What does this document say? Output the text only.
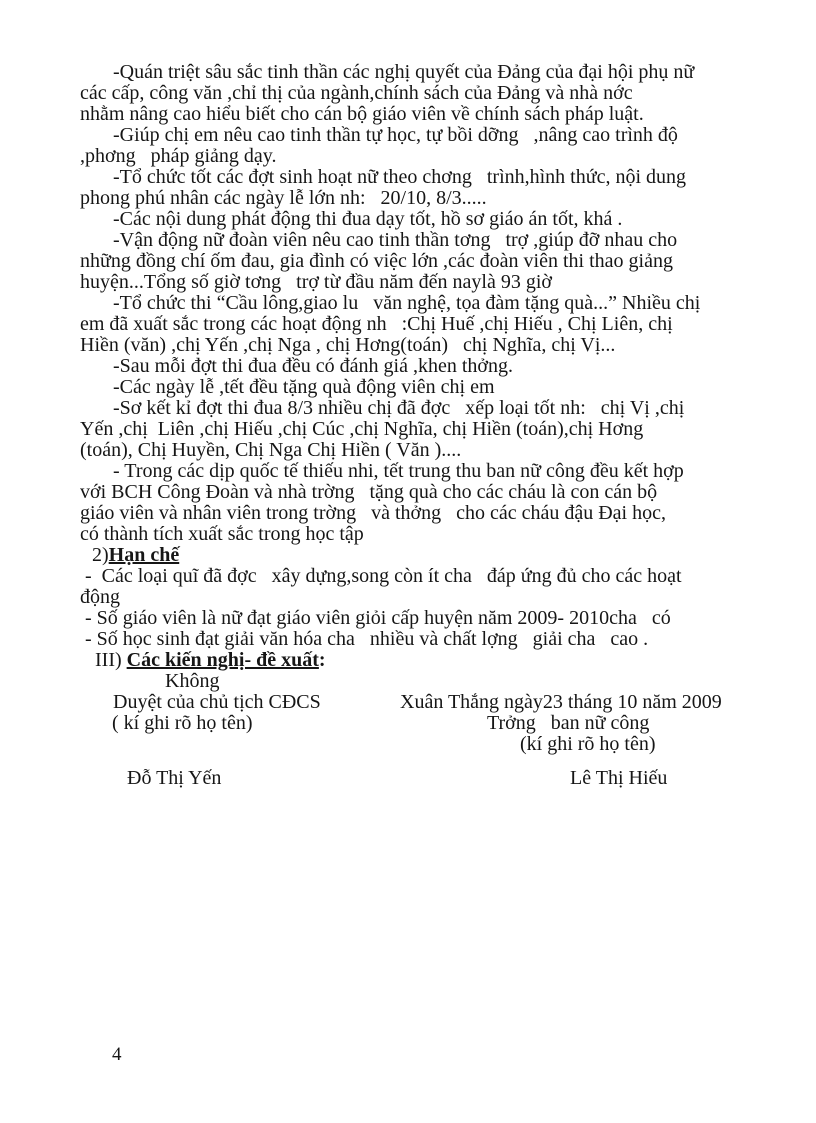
-Quán triệt sâu sắc tinh thần các nghị quyết của Đảng của đại hội phụ nữ
các cấp, công văn ,chỉ thị của ngành,chính sách của Đảng và nhà nớc
nhằm nâng cao hiểu biết cho cán bộ giáo viên về chính sách pháp luật.
-Giúp chị em nêu cao tinh thần tự học, tự bồi dỡng   ,nâng cao trình độ
,phơng   pháp giảng dạy.
-Tổ chức tốt các đợt sinh hoạt nữ theo chơng   trình,hình thức, nội dung
phong phú nhân các ngày lễ lớn nh:   20/10, 8/3.....
-Các nội dung phát động thi đua dạy tốt, hồ sơ giáo án tốt, khá .
-Vận động nữ đoàn viên nêu cao tinh thần tơng   trợ ,giúp đỡ nhau cho
những đồng chí ốm đau, gia đình có việc lớn ,các đoàn viên thi thao giảng
huyện...Tổng số giờ tơng   trợ từ đầu năm đến naylà 93 giờ
-Tổ chức thi “Cầu lông,giao lu   văn nghệ, tọa đàm tặng quà...” Nhiều chị
em đã xuất sắc trong các hoạt động nh   :Chị Huế ,chị Hiếu , Chị Liên, chị
Hiền (văn) ,chị Yến ,chị Nga , chị Hơng(toán)   chị Nghĩa, chị Vị...
-Sau mỗi đợt thi đua đều có đánh giá ,khen thởng.
-Các ngày lễ ,tết đều tặng quà động viên chị em
-Sơ kết kỉ đợt thi đua 8/3 nhiều chị đã đợc   xếp loại tốt nh:   chị Vị ,chị
Yến ,chị  Liên ,chị Hiếu ,chị Cúc ,chị Nghĩa, chị Hiền (toán),chị Hơng
(toán), Chị Huyền, Chị Nga Chị Hiền ( Văn )....
- Trong các dịp quốc tế thiếu nhi, tết trung thu ban nữ công đều kết hợp
với BCH Công Đoàn và nhà trờng   tặng quà cho các cháu là con cán bộ
giáo viên và nhân viên trong trờng   và thởng   cho các cháu đậu Đại học,
có thành tích xuất sắc trong học tập
2)Hạn chế
-  Các loại quĩ đã đợc   xây dựng,song còn ít cha   đáp ứng đủ cho các hoạt
động
- Số giáo viên là nữ đạt giáo viên giỏi cấp huyện năm 2009- 2010cha   có
- Số học sinh đạt giải văn hóa cha   nhiều và chất lợng   giải cha   cao .
III) Các kiến nghị- đề xuất:
Không
Duyệt của chủ tịch CĐCS	Xuân Thắng ngày23 tháng 10 năm 2009
( kí ghi rõ họ tên)	Trởng   ban nữ công
(kí ghi rõ họ tên)
Đỗ Thị Yến	Lê Thị Hiếu
4
